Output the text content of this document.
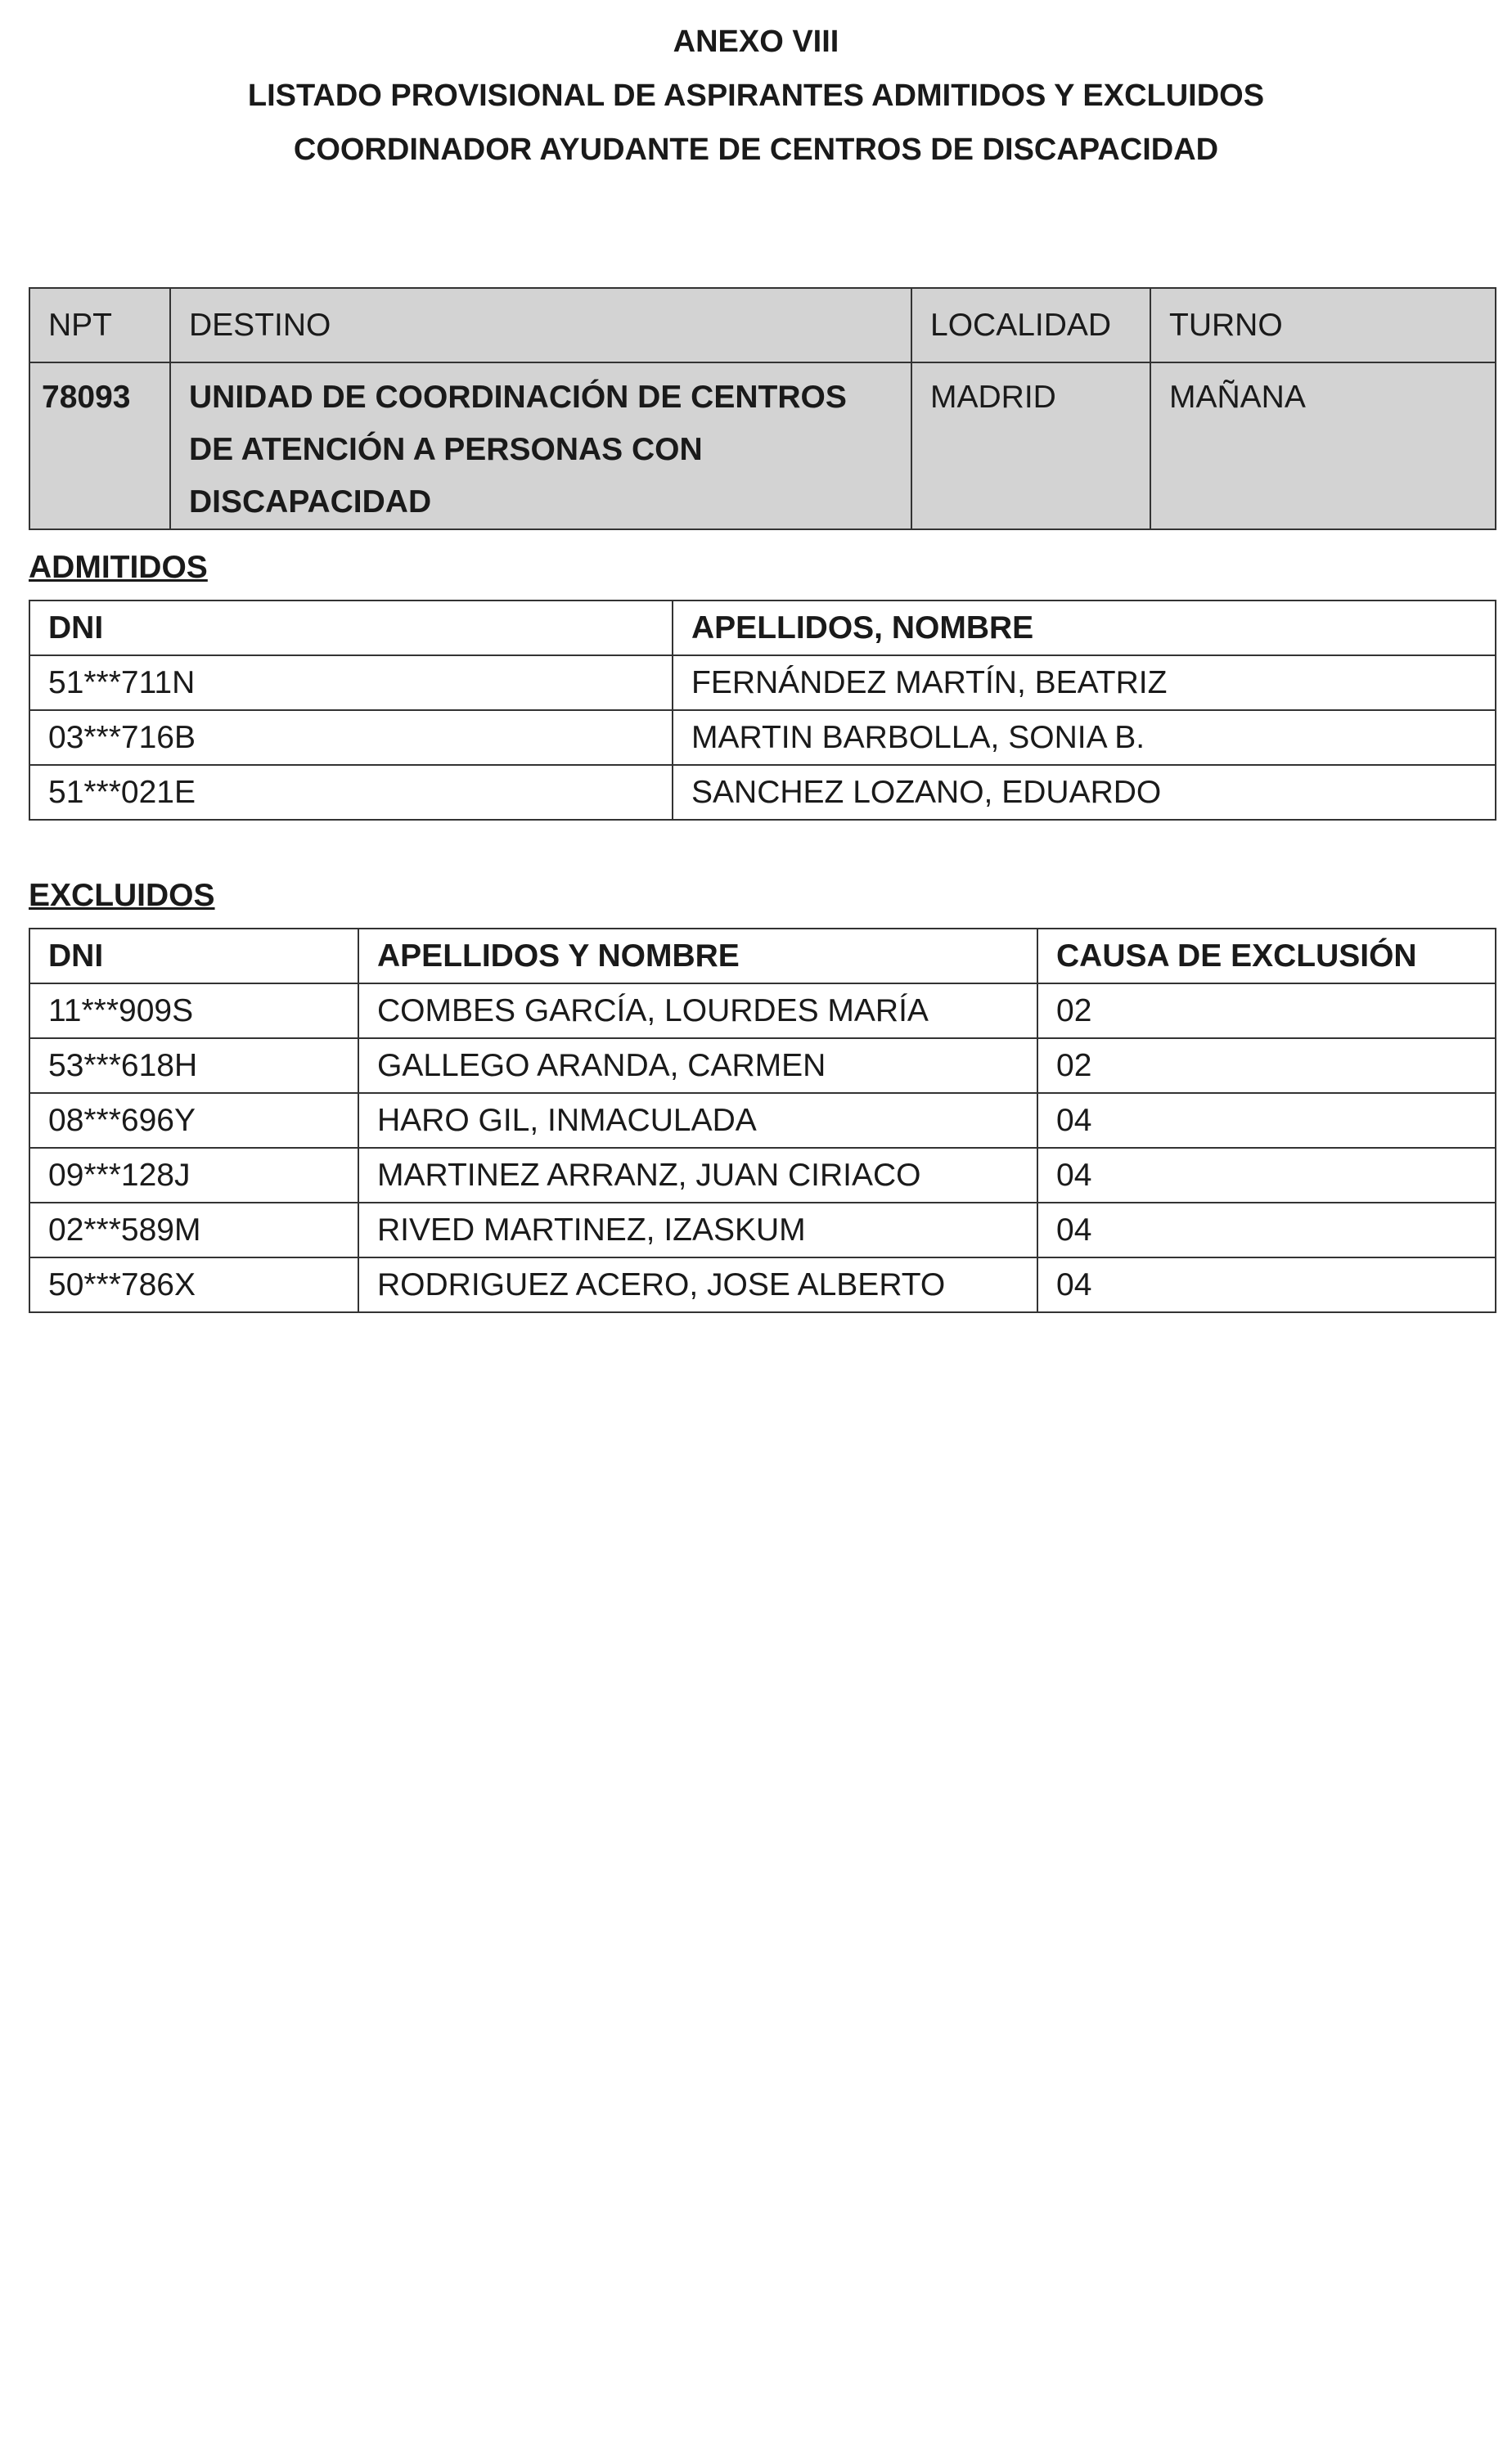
ANEXO VIII
LISTADO PROVISIONAL DE ASPIRANTES ADMITIDOS Y EXCLUIDOS
COORDINADOR AYUDANTE DE CENTROS DE DISCAPACIDAD
NPT	DESTINO	LOCALIDAD	TURNO
78093	UNIDAD DE COORDINACIÓN DE CENTROS DE ATENCIÓN A PERSONAS CON DISCAPACIDAD	MADRID	MAÑANA
ADMITIDOS
DNI	APELLIDOS, NOMBRE
51***711N	FERNÁNDEZ MARTÍN, BEATRIZ
03***716B	MARTIN BARBOLLA, SONIA B.
51***021E	SANCHEZ LOZANO, EDUARDO
EXCLUIDOS
DNI	APELLIDOS Y NOMBRE	CAUSA DE EXCLUSIÓN
11***909S	COMBES GARCÍA, LOURDES MARÍA	02
53***618H	GALLEGO ARANDA, CARMEN	02
08***696Y	HARO GIL, INMACULADA	04
09***128J	MARTINEZ ARRANZ, JUAN CIRIACO	04
02***589M	RIVED MARTINEZ, IZASKUM	04
50***786X	RODRIGUEZ ACERO, JOSE ALBERTO	04
